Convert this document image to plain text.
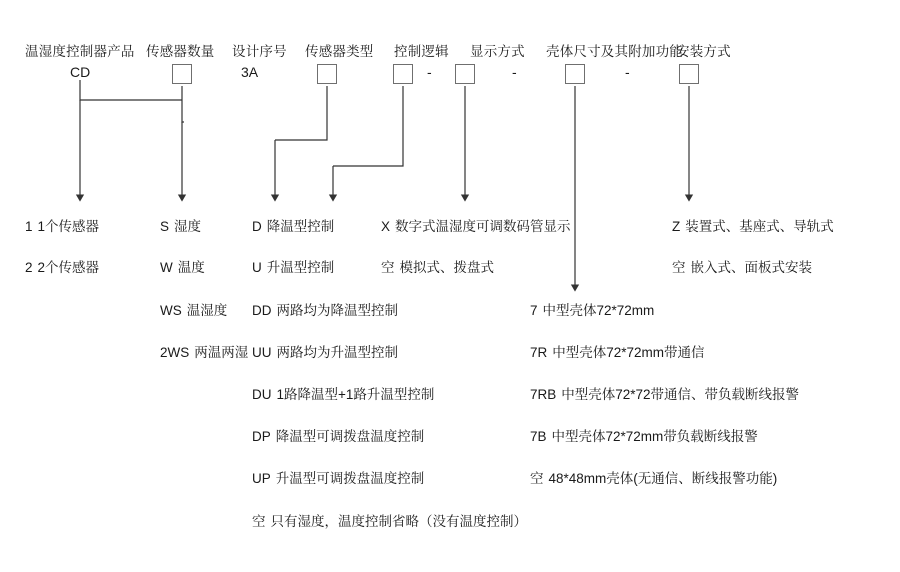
温湿度控制器产品 传感器数量 设计序号 传感器类型 控制逻辑 显示方式 壳体尺寸及其附加功能
安装方式
CD	3A	-	-	-
1 1个传感器
2 2个传感器
S 湿度
W 温度
WS 温湿度
2WS 两温两湿
D 降温型控制
U 升温型控制
DD 两路均为降温型控制
UU 两路均为升温型控制
DU 1路降温型+1路升温型控制
DP 降温型可调拨盘温度控制
UP 升温型可调拨盘温度控制
空 只有湿度，温度控制省略（没有温度控制）
X 数字式温湿度可调数码管显示
空 模拟式、拨盘式
7 中型壳体72*72mm
7R 中型壳体72*72mm带通信
7RB 中型壳体72*72带通信、带负载断线报警
7B 中型壳体72*72mm带负载断线报警
空 48*48mm壳体(无通信、断线报警功能)
Z 装置式、基座式、导轨式
空 嵌入式、面板式安装
